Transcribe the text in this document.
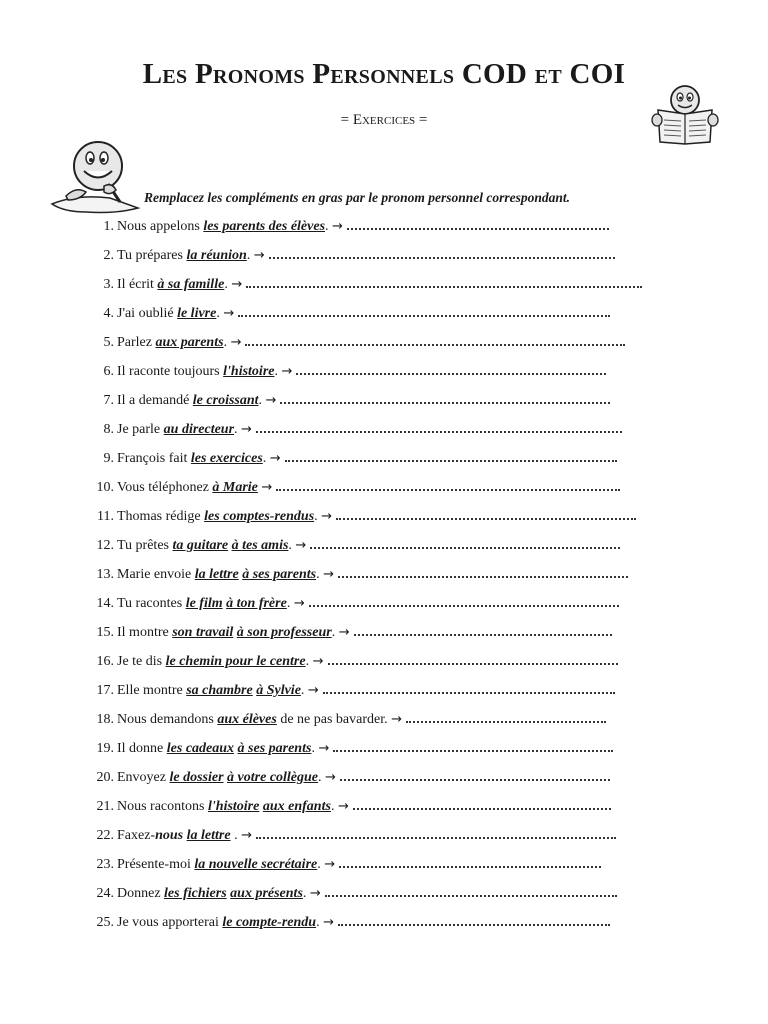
Les Pronoms Personnels COD et COI

= Exercices =

Remplacez les compléments en gras par le pronom personnel correspondant.

1. Nous appelons les parents des élèves. →
2. Tu prépares la réunion. →
3. Il écrit à sa famille. →
4. J'ai oublié le livre. →
5. Parlez aux parents. →
6. Il raconte toujours l'histoire. →
7. Il a demandé le croissant. →
8. Je parle au directeur. →
9. François fait les exercices. →
10. Vous téléphonez à Marie →
11. Thomas rédige les comptes-rendus. →
12. Tu prêtes ta guitare à tes amis. →
13. Marie envoie la lettre à ses parents. →
14. Tu racontes le film à ton frère. →
15. Il montre son travail à son professeur. →
16. Je te dis le chemin pour le centre. →
17. Elle montre sa chambre à Sylvie. →
18. Nous demandons aux élèves de ne pas bavarder. →
19. Il donne les cadeaux à ses parents. →
20. Envoyez le dossier à votre collègue. →
21. Nous racontons l'histoire aux enfants. →
22. Faxez-nous la lettre . →
23. Présente-moi la nouvelle secrétaire. →
24. Donnez les fichiers aux présents. →
25. Je vous apporterai le compte-rendu. →
